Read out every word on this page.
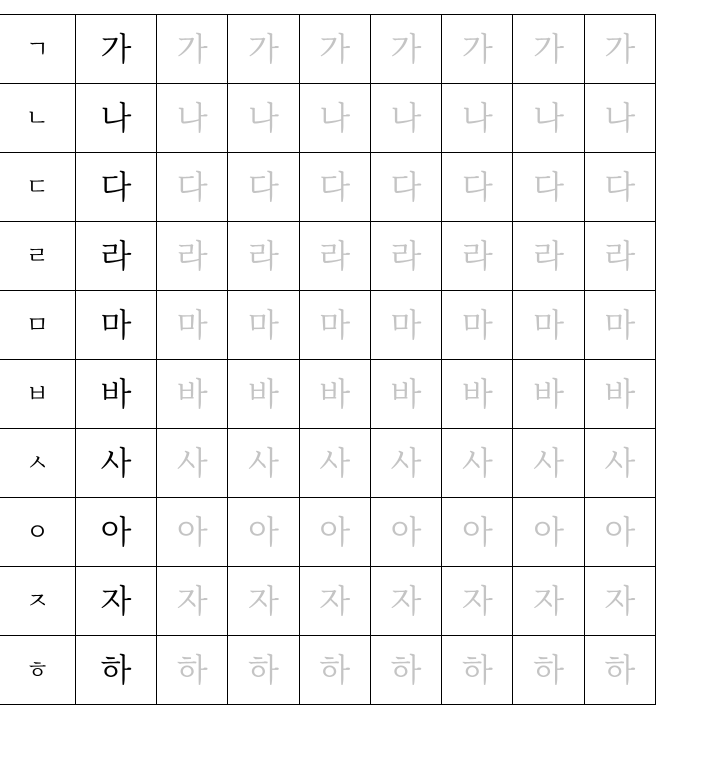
ㄱ	가	가	가	가	가	가	가	가
ㄴ	나	나	나	나	나	나	나	나
ㄷ	다	다	다	다	다	다	다	다
ㄹ	라	라	라	라	라	라	라	라
ㅁ	마	마	마	마	마	마	마	마
ㅂ	바	바	바	바	바	바	바	바
ㅅ	사	사	사	사	사	사	사	사
ㅇ	아	아	아	아	아	아	아	아
ㅈ	자	자	자	자	자	자	자	자
ㅎ	하	하	하	하	하	하	하	하
